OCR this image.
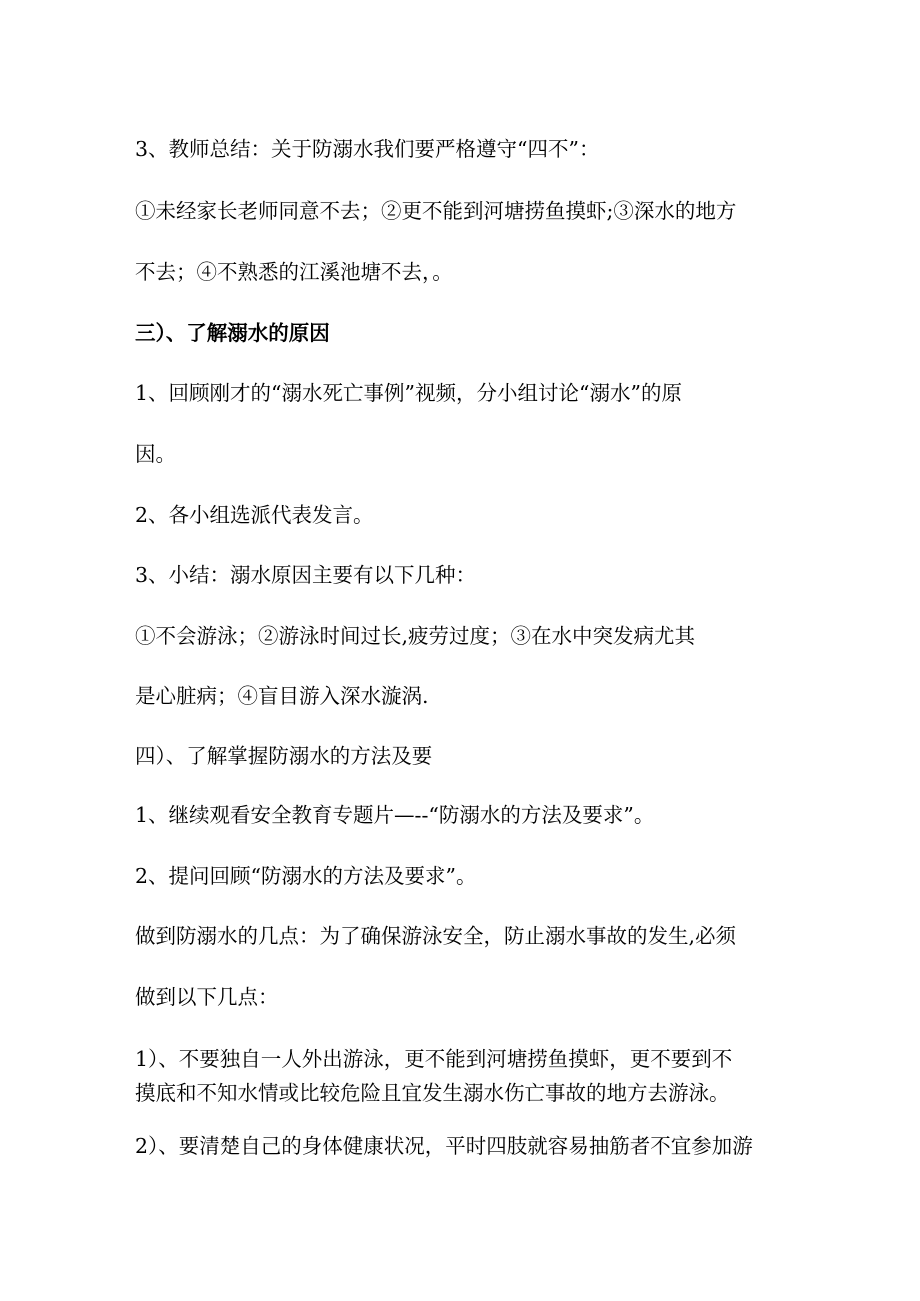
3、教师总结：关于防溺水我们要严格遵守“四不”：
①未经家长老师同意不去；②更不能到河塘捞鱼摸虾;③深水的地方
不去；④不熟悉的江溪池塘不去，。
三）、了解溺水的原因
1、回顾刚才的“溺水死亡事例”视频，分小组讨论“溺水”的原
因。
2、各小组选派代表发言。
3、小结：溺水原因主要有以下几种：
①不会游泳；②游泳时间过长,疲劳过度；③在水中突发病尤其
是心脏病；④盲目游入深水漩涡.
四）、了解掌握防溺水的方法及要
1、继续观看安全教育专题片—--“防溺水的方法及要求”。
2、提问回顾“防溺水的方法及要求”。
做到防溺水的几点：为了确保游泳安全，防止溺水事故的发生,必须
做到以下几点：
1）、不要独自一人外出游泳，更不能到河塘捞鱼摸虾，更不要到不
摸底和不知水情或比较危险且宜发生溺水伤亡事故的地方去游泳。
2）、要清楚自己的身体健康状况，平时四肢就容易抽筋者不宜参加游
